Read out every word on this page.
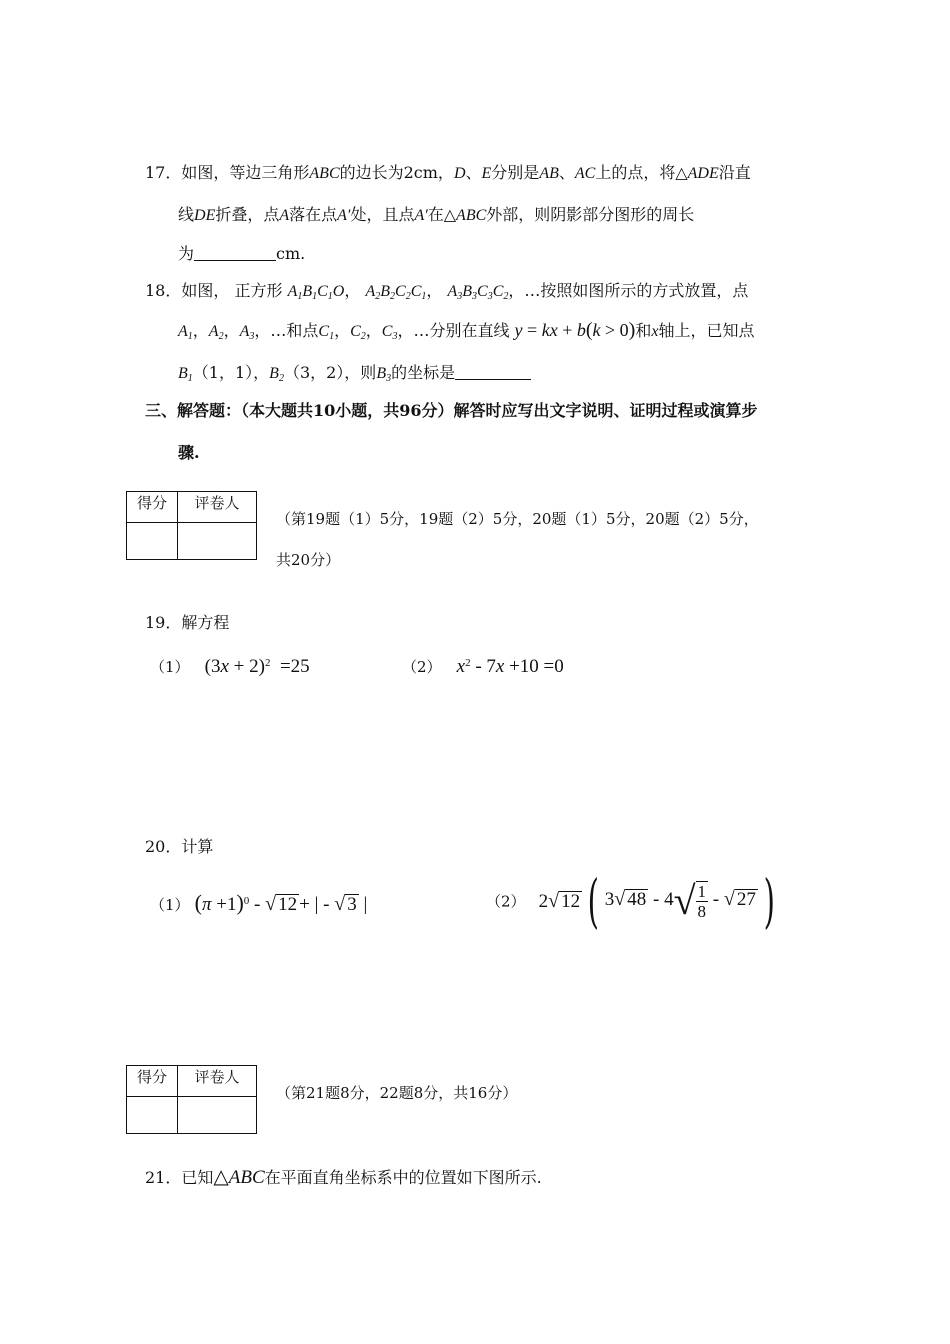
17．如图，等边三角形ABC的边长为2cm，D、E分别是AB、AC上的点，将△ADE沿直
线DE折叠，点A落在点A′处，且点A′在△ABC外部，则阴影部分图形的周长
为	cm.
18．如图， 正方形 $A_1B_1C_1O$， $A_2B_2C_2C_1$， $A_3B_3C_3C_2$，…按照如图所示的方式放置，点
$A_1$，$A_2$，$A_3$，…和点$C_1$，$C_2$，$C_3$，…分别在直线 y = kx + b(k > 0)和x轴上，已知点
$B_1(1$，1），$B_2(3$，2），则$B_3$的坐标是
三、解答题：（本大题共10小题，共96分）解答时应写出文字说明、证明过程或演算步
骤.
得分	评卷人

（第19题（1）5分，19题（2）5分，20题（1）5分，20题（2）5分，
共20分）
19．解方程
（1） $(3x + 2)^2 =25$	（2） $x^2 - 7x +10 =0$
20．计算
（1） $(\pi +1)^0$ - √ 12 + | - √ 3 |	（2） 2√ 12 ( 3√ $48 - 4√ \frac{1}{8}$ - √ 27 )
得分	评卷人

（第21题8分，22题8分，共16分）
21．已知△ABC在平面直角坐标系中的位置如下图所示.
